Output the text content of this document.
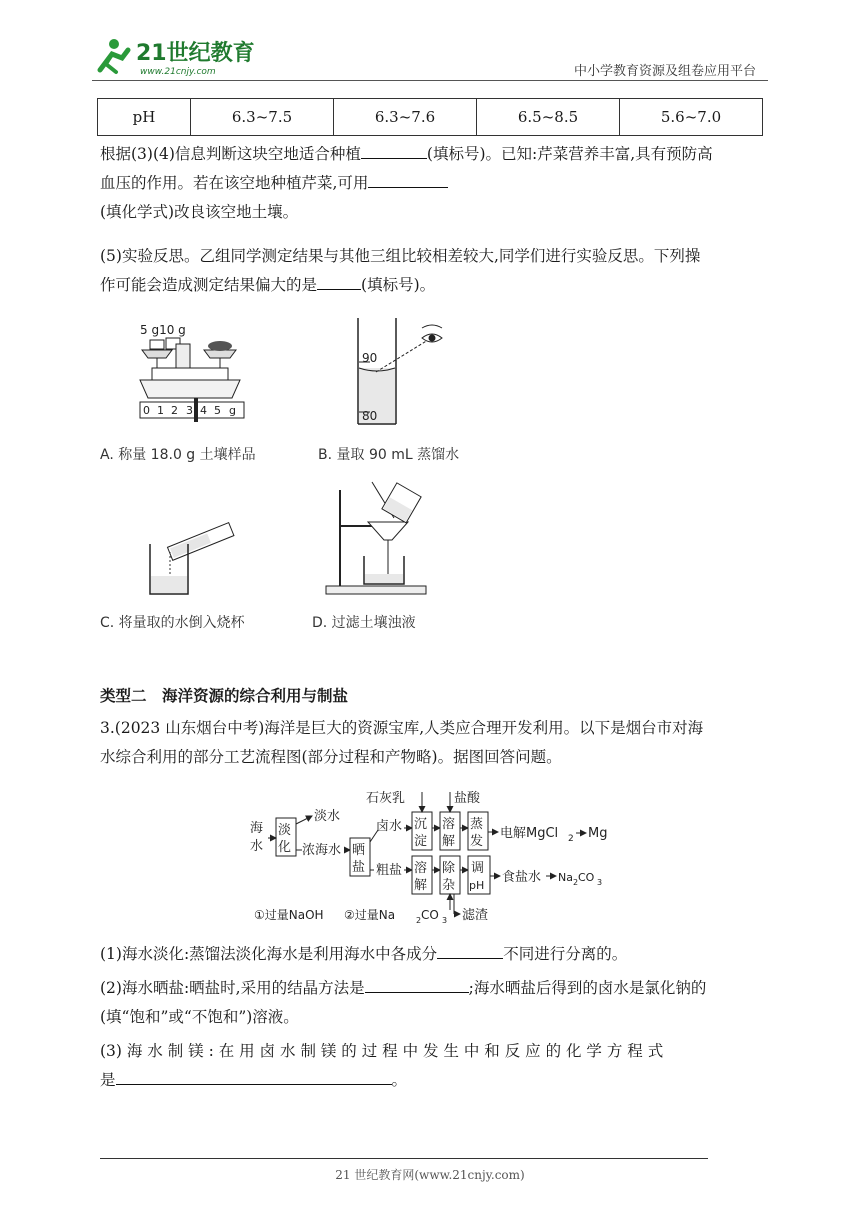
21世纪教育
www.21cnjy.com	中小学教育资源及组卷应用平台
pH	6.3~7.5	6.3~7.6	6.5~8.5	5.6~7.0
根据(3)(4)信息判断这块空地适合种植	(填标号)。已知:芹菜营养丰富,具有预防高
血压的作用。若在该空地种植芹菜,可用
(填化学式)改良该空地土壤。
(5)实验反思。乙组同学测定结果与其他三组比较相差较大,同学们进行实验反思。下列操
作可能会造成测定结果偏大的是	(填标号)。
5 g10 g
0 1 2 3 4 5 g
90
80
A. 称量 18.0 g 土壤样品	B. 量取 90 mL 蒸馏水
C. 将量取的水倒入烧杯	D. 过滤土壤浊液
类型二　海洋资源的综合利用与制盐
3.(2023 山东烟台中考)海洋是巨大的资源宝库,人类应合理开发利用。以下是烟台市对海
水综合利用的部分工艺流程图(部分过程和产物略)。据图回答问题。
海
水
淡
化
淡水
浓海水 晒
盐
卤水 沉
淀
溶
解
蒸
发
石灰乳	盐酸
电解MgCl 2 Mg
粗盐 溶
解
除
杂
调
pH
食盐水 Na 2 CO 3
滤渣
①过量NaOH ②过量Na	2 CO 3
(1)海水淡化:蒸馏法淡化海水是利用海水中各成分	不同进行分离的。
(2)海水晒盐:晒盐时,采用的结晶方法是	;海水晒盐后得到的卤水是氯化钠的
(填“饱和”或“不饱和”)溶液。
(3) 海 水 制 镁 : 在 用 卤 水 制 镁 的 过 程 中 发 生 中 和 反 应 的 化 学 方 程 式
是	。
21 世纪教育网(www.21cnjy.com)
